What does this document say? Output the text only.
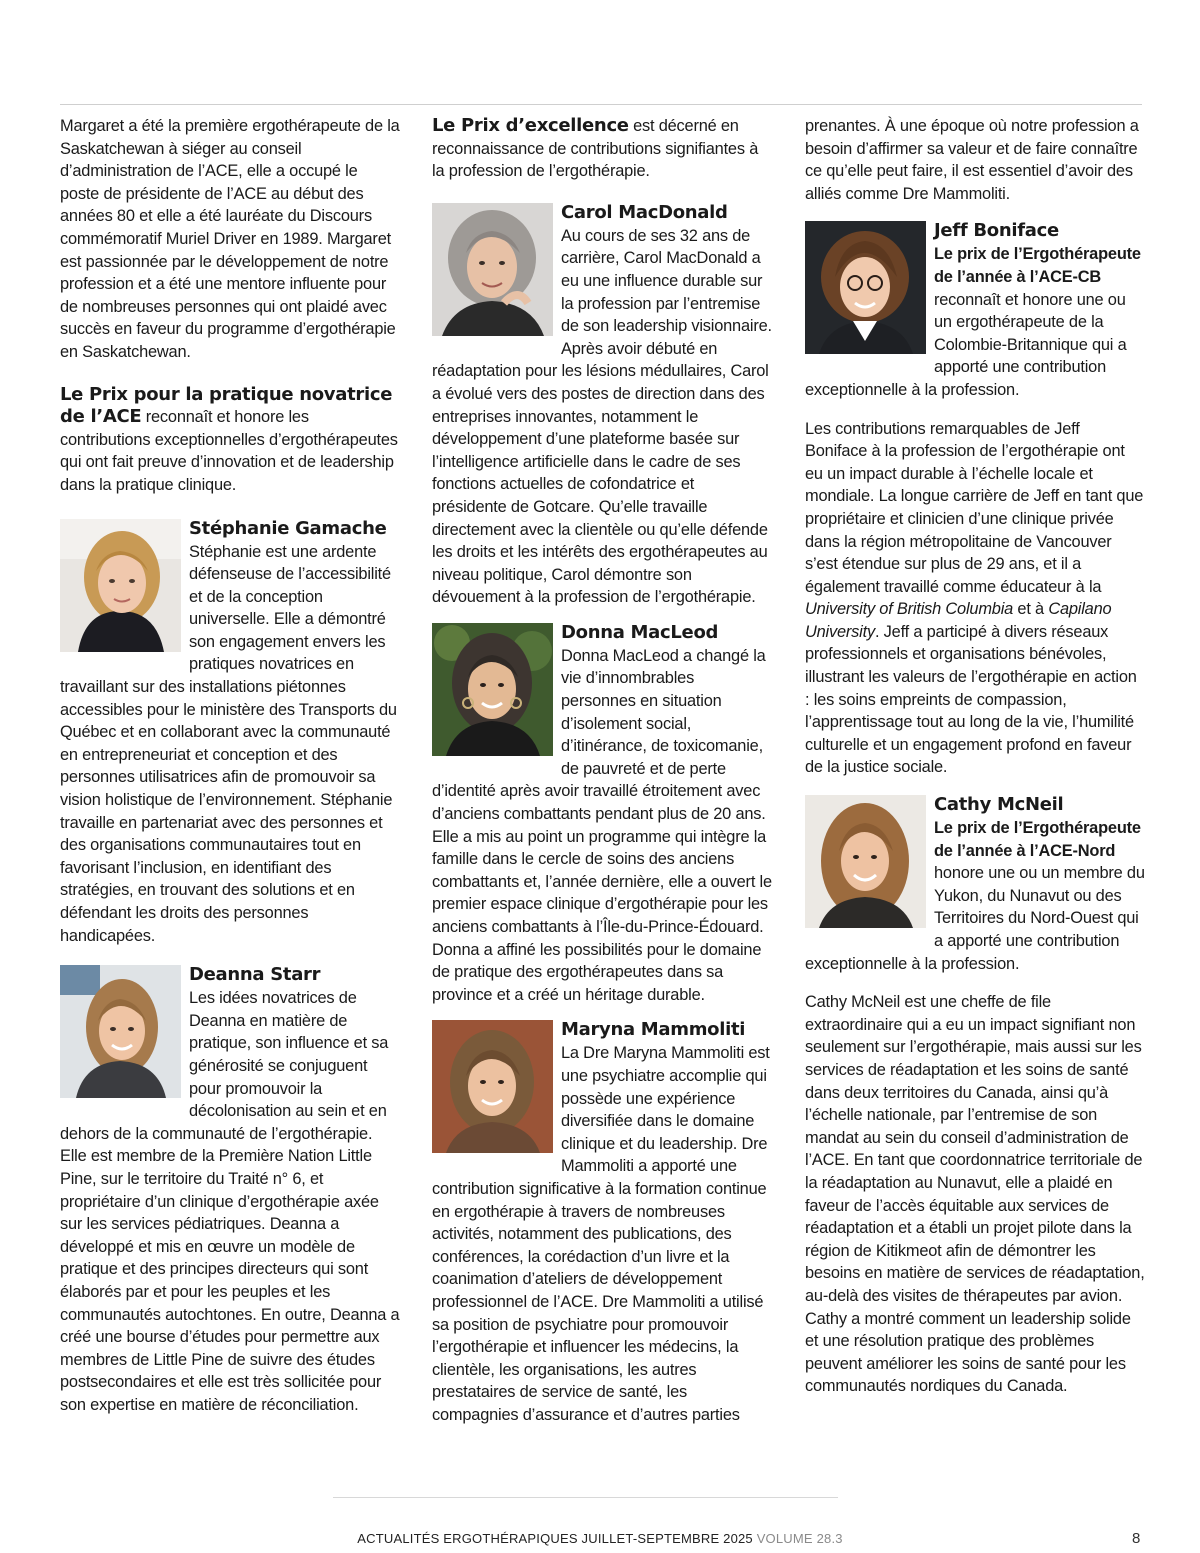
Margaret a été la première ergothérapeute de la Saskatchewan à siéger au conseil d’administration de l’ACE, elle a occupé le poste de présidente de l’ACE au début des années 80 et elle a été lauréate du Discours commémoratif Muriel Driver en 1989. Margaret est passionnée par le développement de notre profession et a été une mentore influente pour de nombreuses personnes qui ont plaidé avec succès en faveur du programme d’ergothérapie en Saskatchewan.

Le Prix pour la pratique novatrice de l’ACE reconnaît et honore les contributions exceptionnelles d’ergothérapeutes qui ont fait preuve d’innovation et de leadership dans la pratique clinique.

Stéphanie Gamache
Stéphanie est une ardente défenseuse de l’accessibilité et de la conception universelle. Elle a démontré son engagement envers les pratiques novatrices en travaillant sur des installations piétonnes accessibles pour le ministère des Transports du Québec et en collaborant avec la communauté en entrepreneuriat et conception et des personnes utilisatrices afin de promouvoir sa vision holistique de l’environnement. Stéphanie travaille en partenariat avec des personnes et des organisations communautaires tout en favorisant l’inclusion, en identifiant des stratégies, en trouvant des solutions et en défendant les droits des personnes handicapées.
Deanna Starr
Les idées novatrices de Deanna en matière de pratique, son influence et sa générosité se conjuguent pour promouvoir la décolonisation au sein et en dehors de la communauté de l’ergothérapie. Elle est membre de la Première Nation Little Pine, sur le territoire du Traité n° 6, et propriétaire d’un clinique d’ergothérapie axée sur les services pédiatriques. Deanna a développé et mis en œuvre un modèle de pratique et des principes directeurs qui sont élaborés par et pour les peuples et les communautés autochtones. En outre, Deanna a créé une bourse d’études pour permettre aux membres de Little Pine de suivre des études postsecondaires et elle est très sollicitée pour son expertise en matière de réconciliation.

Le Prix d’excellence est décerné en reconnaissance de contributions signifiantes à la profession de l’ergothérapie.

Carol MacDonald
Au cours de ses 32 ans de carrière, Carol MacDonald a eu une influence durable sur la profession par l’entremise de son leadership visionnaire. Après avoir débuté en réadaptation pour les lésions médullaires, Carol a évolué vers des postes de direction dans des entreprises innovantes, notamment le développement d’une plateforme basée sur l’intelligence artificielle dans le cadre de ses fonctions actuelles de cofondatrice et présidente de Gotcare. Qu’elle travaille directement avec la clientèle ou qu’elle défende les droits et les intérêts des ergothérapeutes au niveau politique, Carol démontre son dévouement à la profession de l’ergothérapie.
Donna MacLeod
Donna MacLeod a changé la vie d’innombrables personnes en situation d’isolement social, d’itinérance, de toxicomanie, de pauvreté et de perte d’identité après avoir travaillé étroitement avec d’anciens combattants pendant plus de 20 ans. Elle a mis au point un programme qui intègre la famille dans le cercle de soins des anciens combattants et, l’année dernière, elle a ouvert le premier espace clinique d’ergothérapie pour les anciens combattants à l’Île-du-Prince-Édouard. Donna a affiné les possibilités pour le domaine de pratique des ergothérapeutes dans sa province et a créé un héritage durable.
Maryna Mammoliti
La Dre Maryna Mammoliti est une psychiatre accomplie qui possède une expérience diversifiée dans le domaine clinique et du leadership. Dre Mammoliti a apporté une contribution significative à la formation continue en ergothérapie à travers de nombreuses activités, notamment des publications, des conférences, la corédaction d’un livre et la coanimation d’ateliers de développement professionnel de l’ACE. Dre Mammoliti a utilisé sa position de psychiatre pour promouvoir l’ergothérapie et influencer les médecins, la clientèle, les organisations, les autres prestataires de service de santé, les compagnies d’assurance et d’autres parties

prenantes. À une époque où notre profession a besoin d’affirmer sa valeur et de faire connaître ce qu’elle peut faire, il est essentiel d’avoir des alliés comme Dre Mammoliti.

Jeff Boniface
Le prix de l’Ergothérapeute de l’année à l’ACE-CB
reconnaît et honore une ou un ergothérapeute de la Colombie-Britannique qui a apporté une contribution exceptionnelle à la profession.

Les contributions remarquables de Jeff Boniface à la profession de l’ergothérapie ont eu un impact durable à l’échelle locale et mondiale. La longue carrière de Jeff en tant que propriétaire et clinicien d’une clinique privée dans la région métropolitaine de Vancouver s’est étendue sur plus de 29 ans, et il a également travaillé comme éducateur à la University of British Columbia et à Capilano University. Jeff a participé à divers réseaux professionnels et organisations bénévoles, illustrant les valeurs de l’ergothérapie en action : les soins empreints de compassion, l’apprentissage tout au long de la vie, l’humilité culturelle et un engagement profond en faveur de la justice sociale.

Cathy McNeil
Le prix de l’Ergothérapeute de l’année à l’ACE-Nord
honore une ou un membre du Yukon, du Nunavut ou des Territoires du Nord-Ouest qui a apporté une contribution exceptionnelle à la profession.

Cathy McNeil est une cheffe de file extraordinaire qui a eu un impact signifiant non seulement sur l’ergothérapie, mais aussi sur les services de réadaptation et les soins de santé dans deux territoires du Canada, ainsi qu’à l’échelle nationale, par l’entremise de son mandat au sein du conseil d’administration de l’ACE. En tant que coordonnatrice territoriale de la réadaptation au Nunavut, elle a plaidé en faveur de l’accès équitable aux services de réadaptation et a établi un projet pilote dans la région de Kitikmeot afin de démontrer les besoins en matière de services de réadaptation, au-delà des visites de thérapeutes par avion. Cathy a montré comment un leadership solide et une résolution pratique des problèmes peuvent améliorer les soins de santé pour les communautés nordiques du Canada.

ACTUALITÉS ERGOTHÉRAPIQUES JUILLET-SEPTEMBRE 2025 VOLUME 28.3	8
